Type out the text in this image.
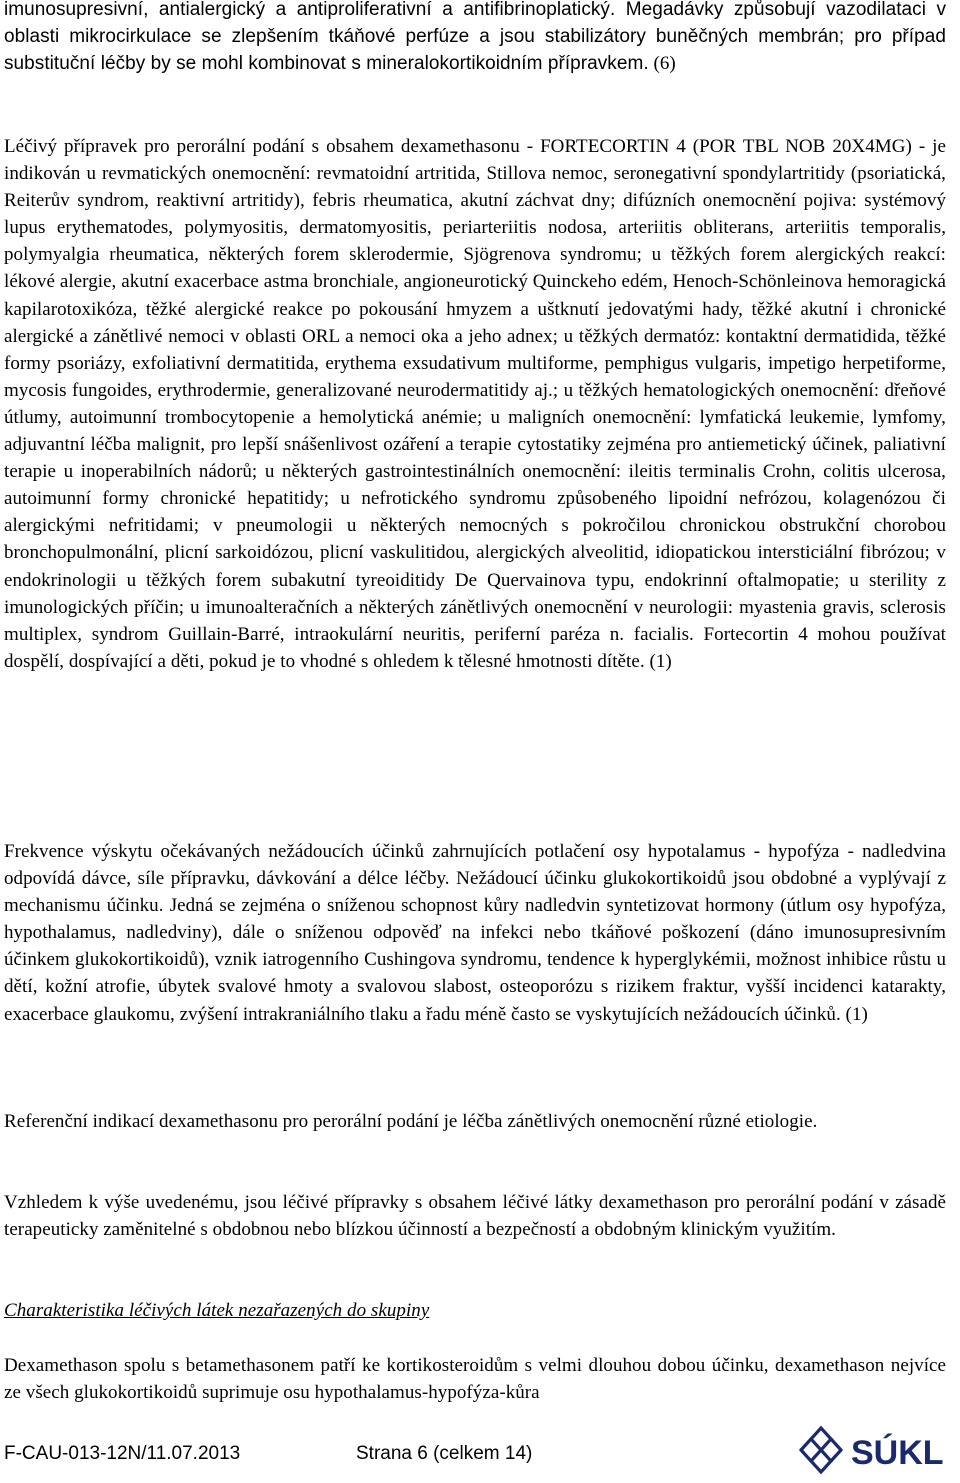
imunosupresivní, antialergický a antiproliferativní a antifibrinoplatický. Megadávky způsobují vazodilataci v oblasti mikrocirkulace se zlepšením tkáňové perfúze a jsou stabilizátory buněčných membrán; pro případ substituční léčby by se mohl kombinovat s mineralokortikoidním přípravkem. (6)

Léčivý přípravek pro perorální podání s obsahem dexamethasonu - FORTECORTIN 4 (POR TBL NOB 20X4MG) - je indikován u revmatických onemocnění: revmatoidní artritida, Stillova nemoc, seronegativní spondylartritidy (psoriatická, Reiterův syndrom, reaktivní artritidy), febris rheumatica, akutní záchvat dny; difúzních onemocnění pojiva: systémový lupus erythematodes, polymyositis, dermatomyositis, periarteriitis nodosa, arteriitis obliterans, arteriitis temporalis, polymyalgia rheumatica, některých forem sklerodermie, Sjögrenova syndromu; u těžkých forem alergických reakcí: lékové alergie, akutní exacerbace astma bronchiale, angioneurotický Quinckeho edém, Henoch-Schönleinova hemoragická kapilarotoxikóza, těžké alergické reakce po pokousání hmyzem a uštknutí jedovatými hady, těžké akutní i chronické alergické a zánětlivé nemoci v oblasti ORL a nemoci oka a jeho adnex; u těžkých dermatóz: kontaktní dermatidida, těžké formy psoriázy, exfoliativní dermatitida, erythema exsudativum multiforme, pemphigus vulgaris, impetigo herpetiforme, mycosis fungoides, erythrodermie, generalizované neurodermatitidy aj.; u těžkých hematologických onemocnění: dřeňové útlumy, autoimunní trombocytopenie a hemolytická anémie; u maligních onemocnění: lymfatická leukemie, lymfomy, adjuvantní léčba malignit, pro lepší snášenlivost ozáření a terapie cytostatiky zejména pro antiemetický účinek, paliativní terapie u inoperabilních nádorů; u některých gastrointestinálních onemocnění: ileitis terminalis Crohn, colitis ulcerosa, autoimunní formy chronické hepatitidy; u nefrotického syndromu způsobeného lipoidní nefrózou, kolagenózou či alergickými nefritidami; v pneumologii u některých nemocných s pokročilou chronickou obstrukční chorobou bronchopulmonální, plicní sarkoidózou, plicní vaskulitidou, alergických alveolitid, idiopatickou intersticiální fibrózou; v endokrinologii u těžkých forem subakutní tyreoiditidy De Quervainova typu, endokrinní oftalmopatie; u sterility z imunologických příčin; u imunoalteračních a některých zánětlivých onemocnění v neurologii: myastenia gravis, sclerosis multiplex, syndrom Guillain-Barré, intraokulární neuritis, periferní paréza n. facialis. Fortecortin 4 mohou používat dospělí, dospívající a děti, pokud je to vhodné s ohledem k tělesné hmotnosti dítěte. (1)

Frekvence výskytu očekávaných nežádoucích účinků zahrnujících potlačení osy hypotalamus - hypofýza - nadledvina odpovídá dávce, síle přípravku, dávkování a délce léčby. Nežádoucí účinku glukokortikoidů jsou obdobné a vyplývají z mechanismu účinku. Jedná se zejména o sníženou schopnost kůry nadledvin syntetizovat hormony (útlum osy hypofýza, hypothalamus, nadledviny), dále o sníženou odpověď na infekci nebo tkáňové poškození (dáno imunosupresivním účinkem glukokortikoidů), vznik iatrogenního Cushingova syndromu, tendence k hyperglykémii, možnost inhibice růstu u dětí, kožní atrofie, úbytek svalové hmoty a svalovou slabost, osteoporózu s rizikem fraktur, vyšší incidenci katarakty, exacerbace glaukomu, zvýšení intrakraniálního tlaku a řadu méně často se vyskytujících nežádoucích účinků. (1)

Referenční indikací dexamethasonu pro perorální podání je léčba zánětlivých onemocnění různé etiologie.

Vzhledem k výše uvedenému, jsou léčivé přípravky s obsahem léčivé látky dexamethason pro perorální podání v zásadě terapeuticky zaměnitelné s obdobnou nebo blízkou účinností a bezpečností a obdobným klinickým využitím.

Charakteristika léčivých látek nezařazených do skupiny

Dexamethason spolu s betamethasonem patří ke kortikosteroidům s velmi dlouhou dobou účinku, dexamethason nejvíce ze všech glukokortikoidů suprimuje osu hypothalamus-hypofýza-kůra

F-CAU-013-12N/11.07.2013	Strana 6 (celkem 14)	SÚKL
